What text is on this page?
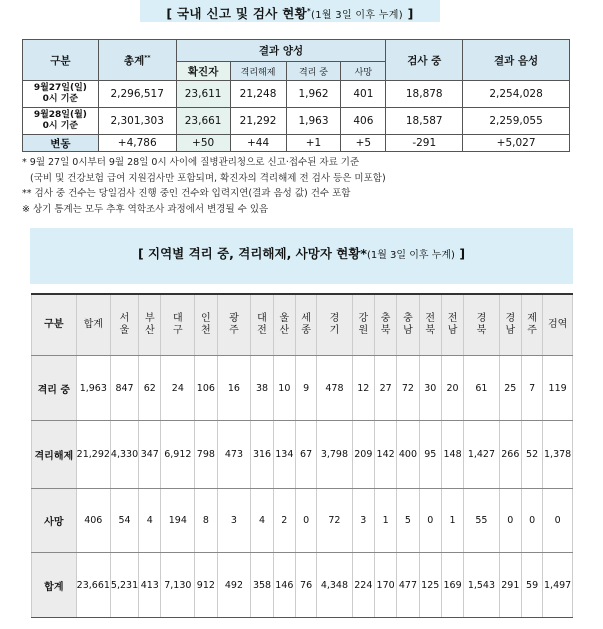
[ 국내 신고 및 검사 현황*(1월 3일 이후 누계) ]
구분	총계**	결과 양성				검사 중	결과 음성
		확진자	격리해제	격리 중	사망		

9월27일(일)
0시 기준	2,296,517	23,611	21,248	1,962	401	18,878	2,254,028

9월28일(월)
0시 기준	2,301,303	23,661	21,292	1,963	406	18,587	2,259,055
변동	+4,786	+50	+44	+1	+5	-291	+5,027
* 9월 27일 0시부터 9월 28일 0시 사이에 질병관리청으로 신고·접수된 자료 기준
(국비 및 건강보험 급여 지원검사만 포함되며, 확진자의 격리해제 전 검사 등은 미포함)
** 검사 중 건수는 당일검사 진행 중인 건수와 입력지연(결과 음성 값) 건수 포함
※ 상기 통계는 모두 추후 역학조사 과정에서 변경될 수 있음
[ 지역별 격리 중, 격리해제, 사망자 현황*(1월 3일 이후 누계) ]
구분	합계	서울	부산	대구	인천	광주	대전	울산	세종	경기	강원	충북	충남	전북	전남	경북	경남	제주	검역
격리 중	1,963	847	62	24	106	16	38	10	9	478	12	27	72	30	20	61	25	7	119
격리해제	21,292	4,330	347	6,912	798	473	316	134	67	3,798	209	142	400	95	148	1,427	266	52	1,378
사망	406	54	4	194	8	3	4	2	0	72	3	1	5	0	1	55	0	0	0
합계	23,661	5,231	413	7,130	912	492	358	146	76	4,348	224	170	477	125	169	1,543	291	59	1,497
